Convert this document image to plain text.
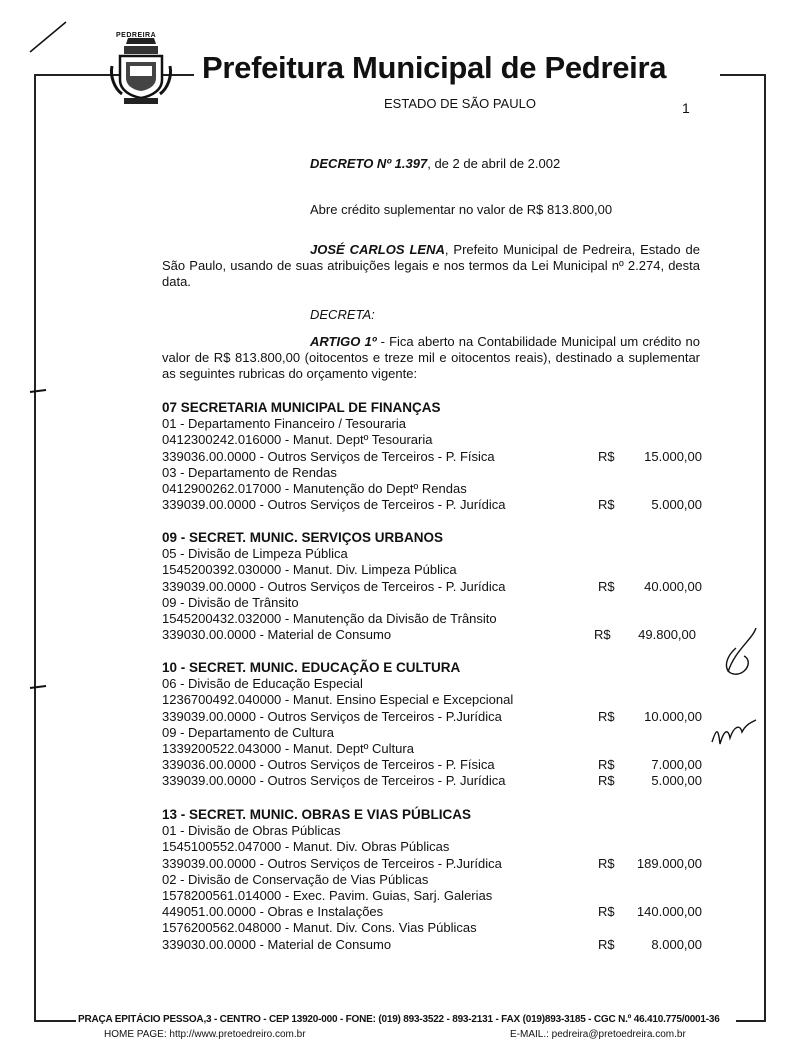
PEDREIRA
Prefeitura Municipal de Pedreira
ESTADO DE SÃO PAULO	1
DECRETO Nº 1.397, de 2 de abril de 2.002
Abre crédito suplementar no valor de R$ 813.800,00
JOSÉ CARLOS LENA, Prefeito Municipal de Pedreira, Estado de São Paulo, usando de suas atribuições legais e nos termos da Lei Municipal nº 2.274, desta data.
DECRETA:
ARTIGO 1º - Fica aberto na Contabilidade Municipal um crédito no valor de R$ 813.800,00 (oitocentos e treze mil e oitocentos reais), destinado a suplementar as seguintes rubricas do orçamento vigente:
07 SECRETARIA MUNICIPAL DE FINANÇAS
01 - Departamento Financeiro / Tesouraria
0412300242.016000 - Manut. Deptº Tesouraria
339036.00.0000 - Outros Serviços de Terceiros - P. Física	R$ 15.000,00
03 - Departamento de Rendas
0412900262.017000 - Manutenção do Deptº Rendas
339039.00.0000 - Outros Serviços de Terceiros - P. Jurídica	R$	5.000,00
09 - SECRET. MUNIC. SERVIÇOS URBANOS
05 - Divisão de Limpeza Pública
1545200392.030000 - Manut. Div. Limpeza Pública
339039.00.0000 - Outros Serviços de Terceiros - P. Jurídica	R$ 40.000,00
09 - Divisão de Trânsito
1545200432.032000 - Manutenção da Divisão de Trânsito
339030.00.0000 - Material de Consumo	R$ 49.800,00
10 - SECRET. MUNIC. EDUCAÇÃO E CULTURA
06 - Divisão de Educação Especial
1236700492.040000 - Manut. Ensino Especial e Excepcional
339039.00.0000 - Outros Serviços de Terceiros - P.Jurídica	R$ 10.000,00
09 - Departamento de Cultura
1339200522.043000 - Manut. Deptº Cultura
339036.00.0000 - Outros Serviços de Terceiros - P. Física	R$	7.000,00
339039.00.0000 - Outros Serviços de Terceiros - P. Jurídica	R$	5.000,00
13 - SECRET. MUNIC. OBRAS E VIAS PÚBLICAS
01 - Divisão de Obras Públicas
1545100552.047000 - Manut. Div. Obras Públicas
339039.00.0000 - Outros Serviços de Terceiros - P.Jurídica	R$ 189.000,00
02 - Divisão de Conservação de Vias Públicas
1578200561.014000 - Exec. Pavim. Guias, Sarj. Galerias
449051.00.0000 - Obras e Instalações	R$ 140.000,00
1576200562.048000 - Manut. Div. Cons. Vias Públicas
339030.00.0000 - Material de Consumo	R$	8.000,00
PRAÇA EPITÁCIO PESSOA,3 - CENTRO - CEP 13920-000 - FONE: (019) 893-3522 - 893-2131 - FAX (019)893-3185 - CGC N.º 46.410.775/0001-36
HOME PAGE: http://www.pretoedreiro.com.br	E-MAIL.: pedreira@pretoedreira.com.br
